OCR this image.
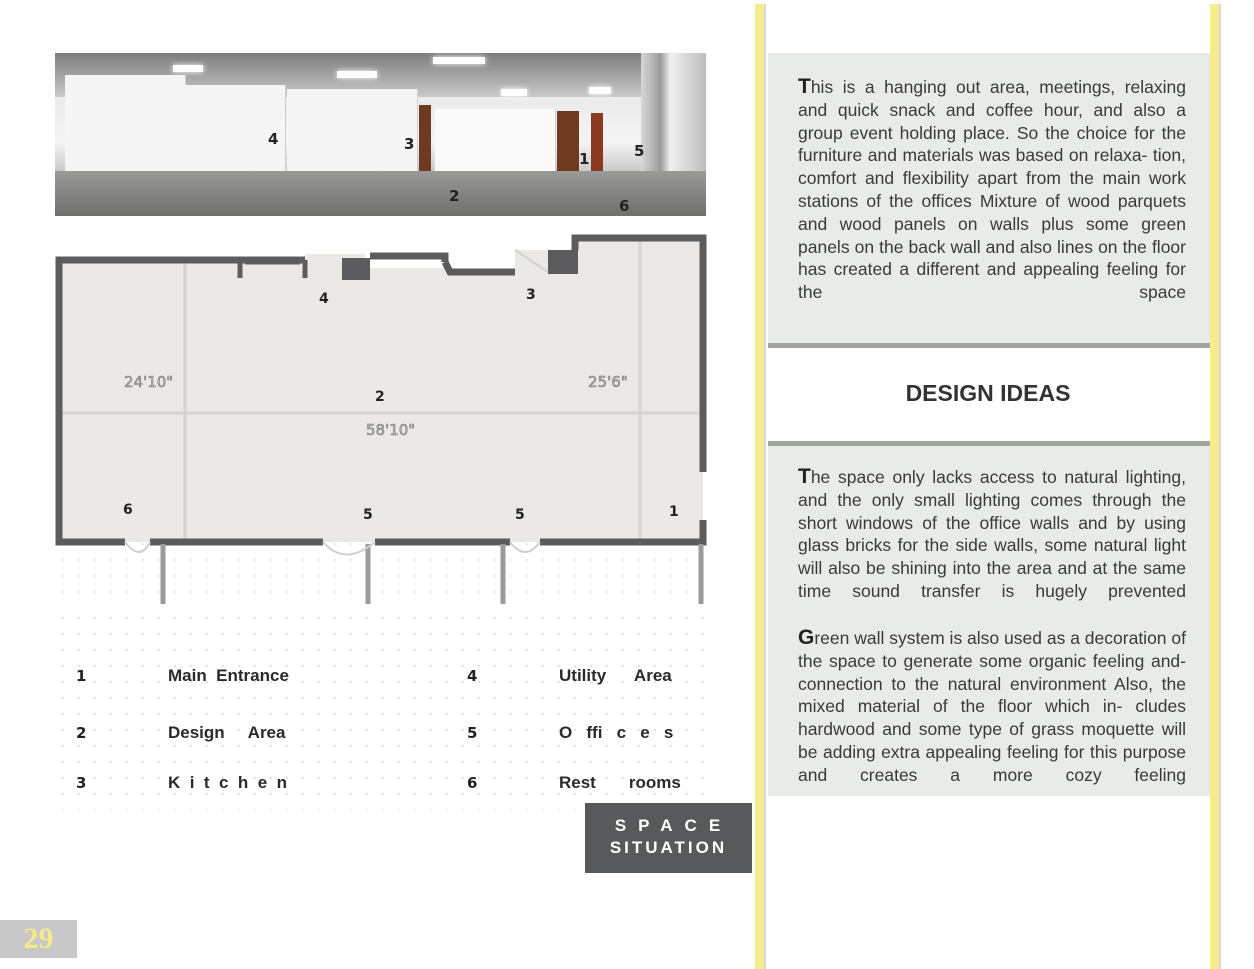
4	3
1	5
2
6
24'10"	25'6"
58'10"
4	3
2
6	5	5	1
1	Main  Entrance
2	Design     Area
3	K  i  t  c  h  e  n
4	Utility      Area
5	O   ffi   c   e   s
6	Rest       rooms
SPACE
SITUATION
29
This is a hanging out area, meetings, relaxing and quick snack and coffee hour, and also a group event holding place. So the choice for the furniture and materials was based on relaxa- tion, comfort and flexibility apart from the main work stations of the offices Mixture of wood parquets and wood panels on walls plus some green panels on the back wall and also lines on the floor has created a different and appealing feeling for the space
DESIGN IDEAS
The space only lacks access to natural lighting, and the only small lighting comes through the short windows of the office walls and by using glass bricks for the side walls, some natural light will also be shining into the area and at the same time sound transfer is hugely prevented
Green wall system is also used as a decoration of the space to generate some organic feeling and- connection to the natural environment Also, the mixed material of the floor which in- cludes hardwood and some type of grass moquette will be adding extra appealing feeling for this purpose and creates a more cozy feeling
